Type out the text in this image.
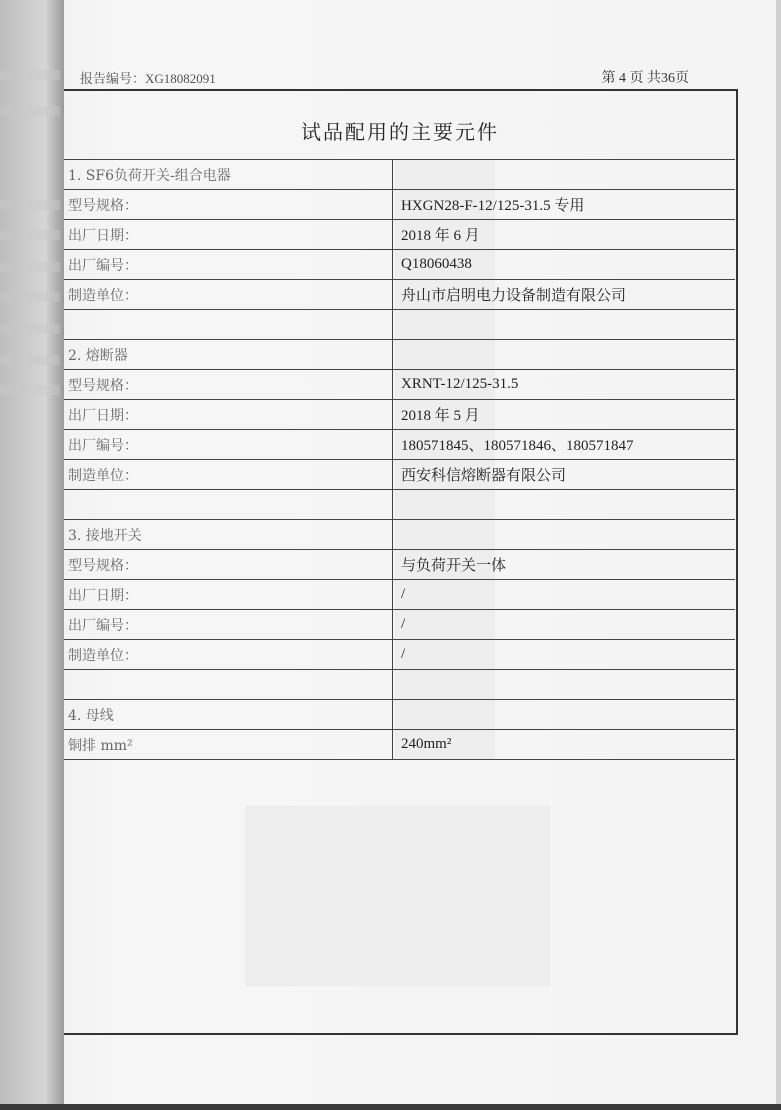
报告编号：XG18082091	第 4 页 共36页
试品配用的主要元件
1. SF6负荷开关-组合电器	
型号规格：	HXGN28-F-12/125-31.5 专用
出厂日期：	2018 年 6 月
出厂编号：	Q18060438
制造单位：	舟山市启明电力设备制造有限公司

2. 熔断器	
型号规格：	XRNT-12/125-31.5
出厂日期：	2018 年 5 月
出厂编号：	180571845、180571846、180571847
制造单位：	西安科信熔断器有限公司

3. 接地开关	
型号规格：	与负荷开关一体
出厂日期：	/
出厂编号：	/
制造单位：	/

4. 母线	
铜排 mm²	240mm²
